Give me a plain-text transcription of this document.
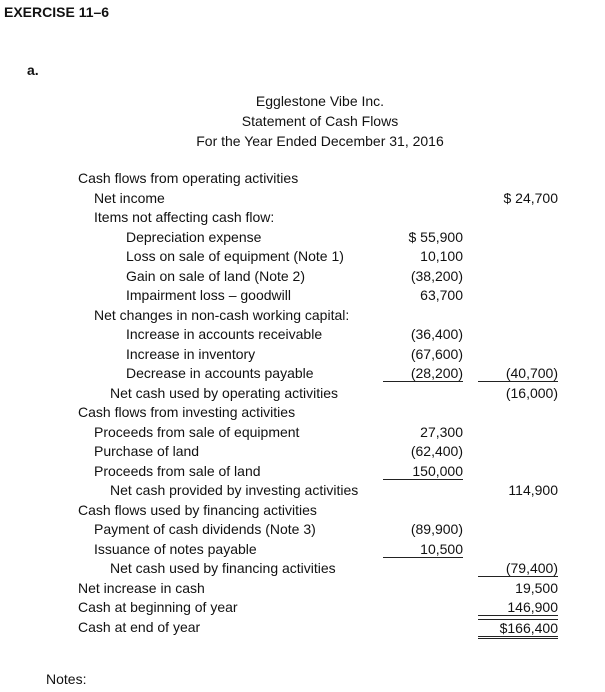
EXERCISE 11–6
a.
Egglestone Vibe Inc.
Statement of Cash Flows
For the Year Ended December 31, 2016
Cash flows from operating activities
Net income	$ 24,700
Items not affecting cash flow:
Depreciation expense	$ 55,900
Loss on sale of equipment (Note 1)	10,100
Gain on sale of land (Note 2)	(38,200)
Impairment loss – goodwill	63,700
Net changes in non-cash working capital:
Increase in accounts receivable	(36,400)
Increase in inventory	(67,600)
Decrease in accounts payable	(28,200)	(40,700)
Net cash used by operating activities	(16,000)
Cash flows from investing activities
Proceeds from sale of equipment	27,300
Purchase of land	(62,400)
Proceeds from sale of land	150,000
Net cash provided by investing activities	114,900
Cash flows used by financing activities
Payment of cash dividends (Note 3)	(89,900)
Issuance of notes payable	10,500
Net cash used by financing activities	(79,400)
Net increase in cash	19,500
Cash at beginning of year	146,900
Cash at end of year	$166,400
Notes:
